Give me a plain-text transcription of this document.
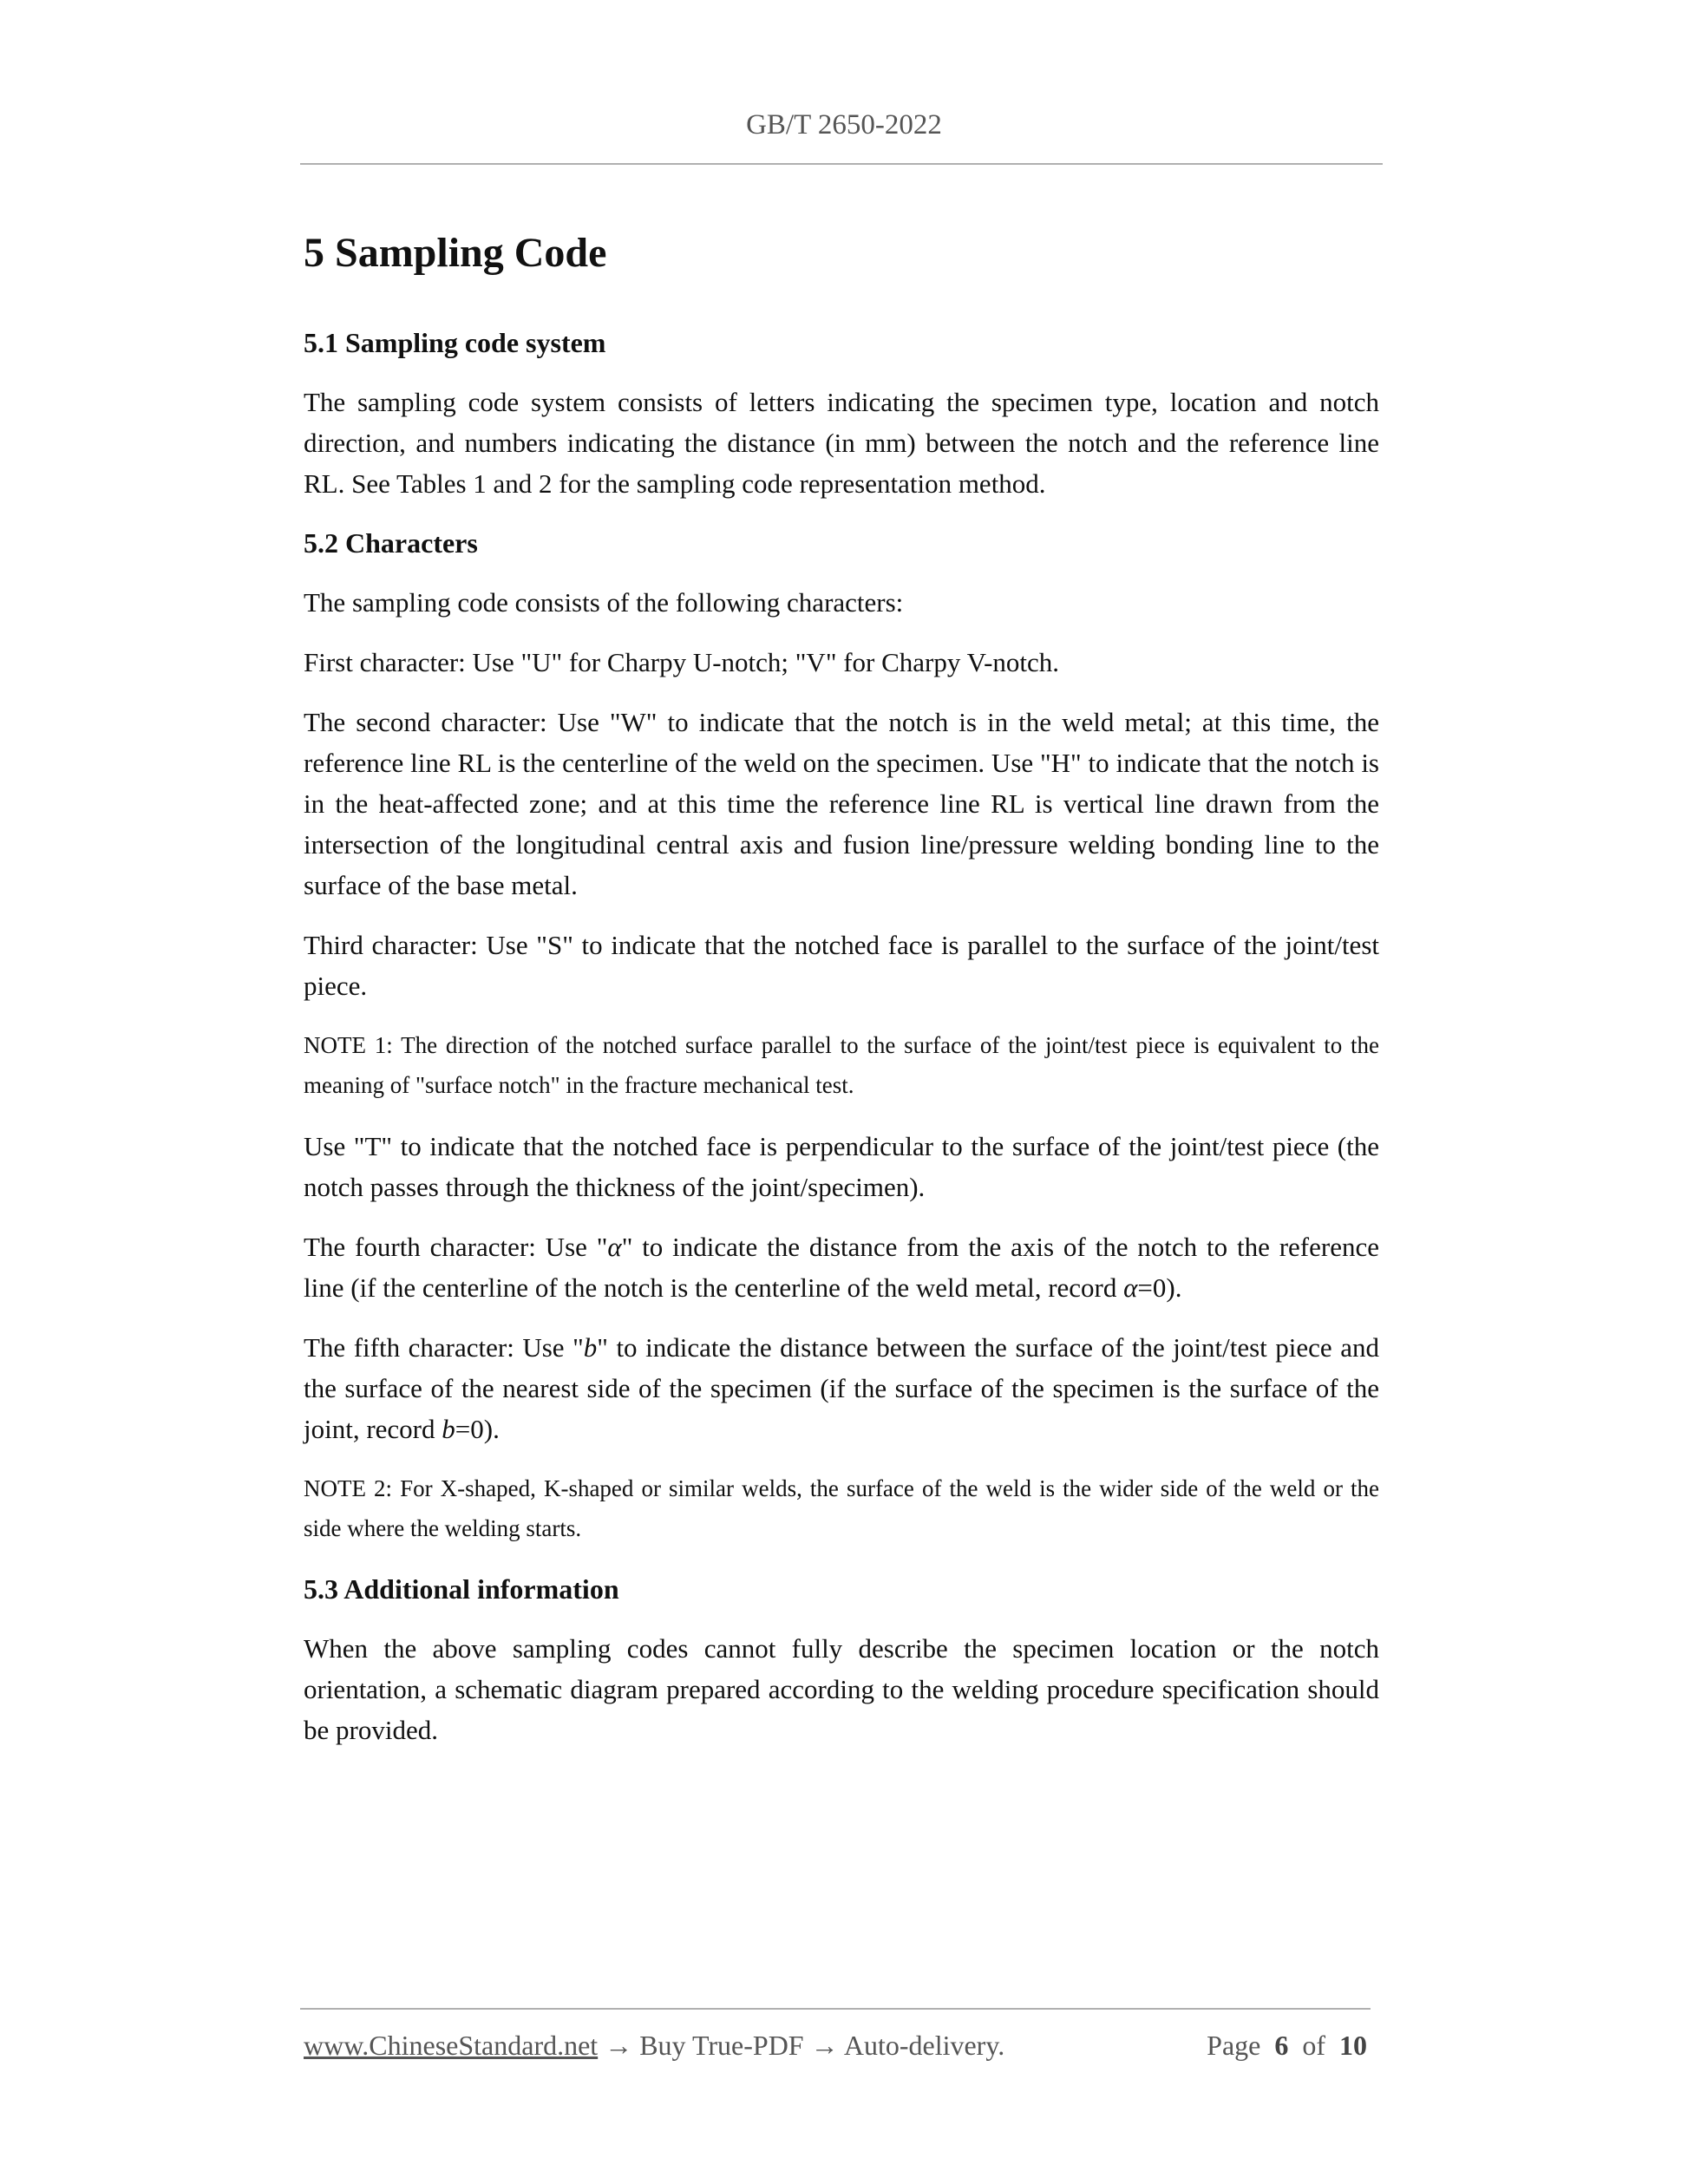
GB/T 2650-2022
5 Sampling Code
5.1 Sampling code system

The sampling code system consists of letters indicating the specimen type, location and notch direction, and numbers indicating the distance (in mm) between the notch and the reference line RL. See Tables 1 and 2 for the sampling code representation method.

5.2 Characters

The sampling code consists of the following characters:

First character: Use "U" for Charpy U-notch; "V" for Charpy V-notch.

The second character: Use "W" to indicate that the notch is in the weld metal; at this time, the reference line RL is the centerline of the weld on the specimen. Use "H" to indicate that the notch is in the heat-affected zone; and at this time the reference line RL is vertical line drawn from the intersection of the longitudinal central axis and fusion line/pressure welding bonding line to the surface of the base metal.

Third character: Use "S" to indicate that the notched face is parallel to the surface of the joint/test piece.

NOTE 1: The direction of the notched surface parallel to the surface of the joint/test piece is equivalent to the meaning of "surface notch" in the fracture mechanical test.

Use "T" to indicate that the notched face is perpendicular to the surface of the joint/test piece (the notch passes through the thickness of the joint/specimen).

The fourth character: Use "α" to indicate the distance from the axis of the notch to the reference line (if the centerline of the notch is the centerline of the weld metal, record α=0).

The fifth character: Use "b" to indicate the distance between the surface of the joint/test piece and the surface of the nearest side of the specimen (if the surface of the specimen is the surface of the joint, record b=0).

NOTE 2: For X-shaped, K-shaped or similar welds, the surface of the weld is the wider side of the weld or the side where the welding starts.

5.3 Additional information

When the above sampling codes cannot fully describe the specimen location or the notch orientation, a schematic diagram prepared according to the welding procedure specification should be provided.

www.ChineseStandard.net → Buy True-PDF → Auto-delivery.	Page 6 of 10
